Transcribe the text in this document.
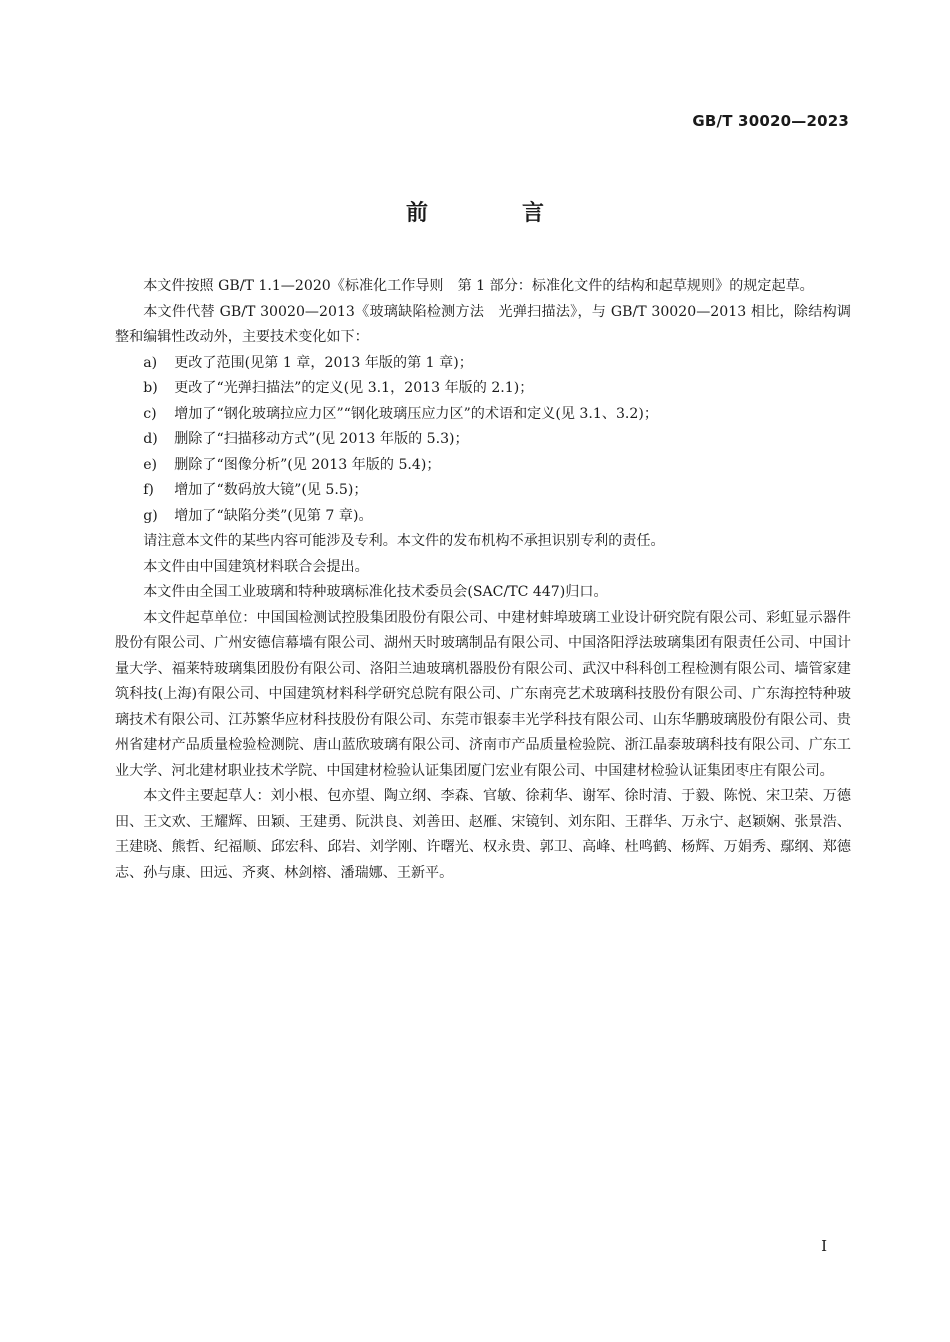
GB/T 30020—2023
前　言

本文件按照 GB/T 1.1—2020《标准化工作导则　第 1 部分：标准化文件的结构和起草规则》的规定起草。

本文件代替 GB/T 30020—2013《玻璃缺陷检测方法　光弹扫描法》，与 GB/T 30020—2013 相比，除结构调整和编辑性改动外，主要技术变化如下：

a) 更改了范围(见第 1 章，2013 年版的第 1 章)；
b) 更改了“光弹扫描法”的定义(见 3.1，2013 年版的 2.1)；
c) 增加了“钢化玻璃拉应力区”“钢化玻璃压应力区”的术语和定义(见 3.1、3.2)；
d) 删除了“扫描移动方式”(见 2013 年版的 5.3)；
e) 删除了“图像分析”(见 2013 年版的 5.4)；
f) 增加了“数码放大镜”(见 5.5)；
g) 增加了“缺陷分类”(见第 7 章)。

请注意本文件的某些内容可能涉及专利。本文件的发布机构不承担识别专利的责任。

本文件由中国建筑材料联合会提出。

本文件由全国工业玻璃和特种玻璃标准化技术委员会(SAC/TC 447)归口。

本文件起草单位：中国国检测试控股集团股份有限公司、中建材蚌埠玻璃工业设计研究院有限公司、彩虹显示器件股份有限公司、广州安德信幕墙有限公司、湖州天时玻璃制品有限公司、中国洛阳浮法玻璃集团有限责任公司、中国计量大学、福莱特玻璃集团股份有限公司、洛阳兰迪玻璃机器股份有限公司、武汉中科科创工程检测有限公司、墙管家建筑科技(上海)有限公司、中国建筑材料科学研究总院有限公司、广东南亮艺术玻璃科技股份有限公司、广东海控特种玻璃技术有限公司、江苏繁华应材科技股份有限公司、东莞市银泰丰光学科技有限公司、山东华鹏玻璃股份有限公司、贵州省建材产品质量检验检测院、唐山蓝欣玻璃有限公司、济南市产品质量检验院、浙江晶泰玻璃科技有限公司、广东工业大学、河北建材职业技术学院、中国建材检验认证集团厦门宏业有限公司、中国建材检验认证集团枣庄有限公司。

本文件主要起草人：刘小根、包亦望、陶立纲、李森、官敏、徐莉华、谢军、徐时清、于毅、陈悦、宋卫荣、万德田、王文欢、王耀辉、田颖、王建勇、阮洪良、刘善田、赵雁、宋镜钊、刘东阳、王群华、万永宁、赵颖娴、张景浩、王建晓、熊哲、纪福顺、邱宏科、邱岩、刘学刚、许曙光、权永贵、郭卫、高峰、杜鸣鹤、杨辉、万娟秀、鄢纲、郑德志、孙与康、田远、齐爽、林剑榕、潘瑞娜、王新平。

I
